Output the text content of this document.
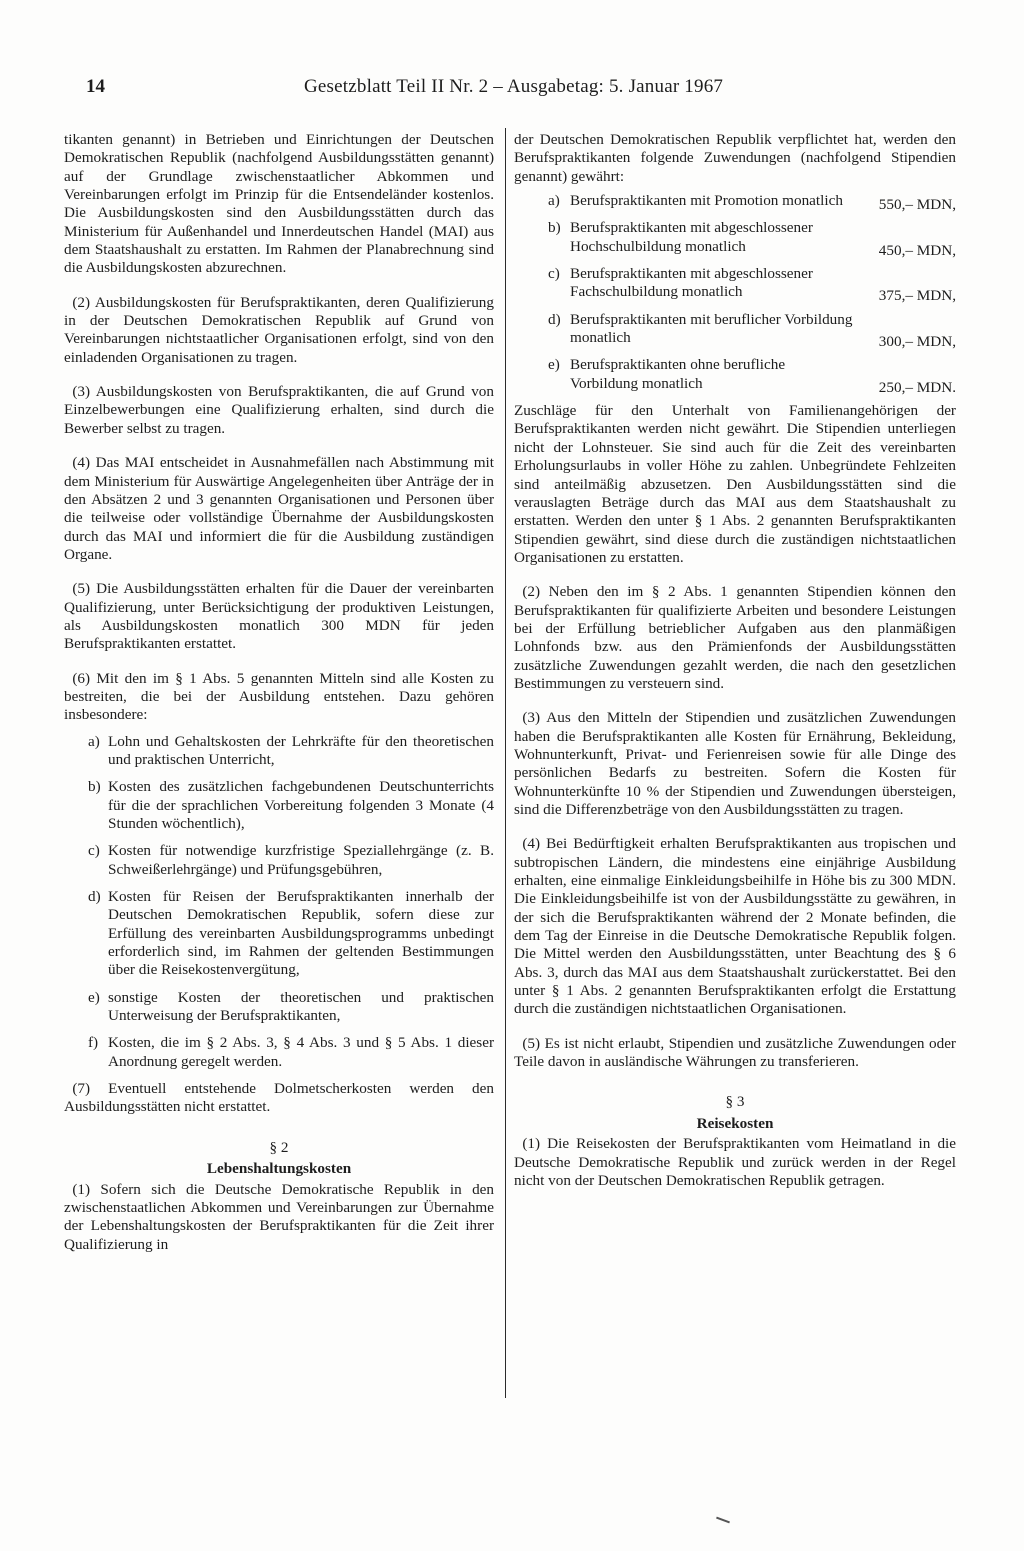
14	Gesetzblatt Teil II Nr. 2 – Ausgabetag: 5. Januar 1967

tikanten genannt) in Betrieben und Einrichtungen der Deutschen Demokratischen Republik (nachfolgend Ausbildungsstätten genannt) auf der Grundlage zwischenstaatlicher Abkommen und Vereinbarungen erfolgt im Prinzip für die Entsendeländer kostenlos. Die Ausbildungskosten sind den Ausbildungsstätten durch das Ministerium für Außenhandel und Innerdeutschen Handel (MAI) aus dem Staatshaushalt zu erstatten. Im Rahmen der Planabrechnung sind die Ausbildungskosten abzurechnen.

(2) Ausbildungskosten für Berufspraktikanten, deren Qualifizierung in der Deutschen Demokratischen Republik auf Grund von Vereinbarungen nichtstaatlicher Organisationen erfolgt, sind von den einladenden Organisationen zu tragen.

(3) Ausbildungskosten von Berufspraktikanten, die auf Grund von Einzelbewerbungen eine Qualifizierung erhalten, sind durch die Bewerber selbst zu tragen.

(4) Das MAI entscheidet in Ausnahmefällen nach Abstimmung mit dem Ministerium für Auswärtige Angelegenheiten über Anträge der in den Absätzen 2 und 3 genannten Organisationen und Personen über die teilweise oder vollständige Übernahme der Ausbildungskosten durch das MAI und informiert die für die Ausbildung zuständigen Organe.

(5) Die Ausbildungsstätten erhalten für die Dauer der vereinbarten Qualifizierung, unter Berücksichtigung der produktiven Leistungen, als Ausbildungskosten monatlich 300 MDN für jeden Berufspraktikanten erstattet.

(6) Mit den im § 1 Abs. 5 genannten Mitteln sind alle Kosten zu bestreiten, die bei der Ausbildung entstehen. Dazu gehören insbesondere:

a) Lohn und Gehaltskosten der Lehrkräfte für den theoretischen und praktischen Unterricht,
b) Kosten des zusätzlichen fachgebundenen Deutschunterrichts für die der sprachlichen Vorbereitung folgenden 3 Monate (4 Stunden wöchentlich),
c) Kosten für notwendige kurzfristige Speziallehrgänge (z. B. Schweißerlehrgänge) und Prüfungsgebühren,
d) Kosten für Reisen der Berufspraktikanten innerhalb der Deutschen Demokratischen Republik, sofern diese zur Erfüllung des vereinbarten Ausbildungsprogramms unbedingt erforderlich sind, im Rahmen der geltenden Bestimmungen über die Reisekostenvergütung,
e) sonstige Kosten der theoretischen und praktischen Unterweisung der Berufspraktikanten,
f) Kosten, die im § 2 Abs. 3, § 4 Abs. 3 und § 5 Abs. 1 dieser Anordnung geregelt werden.

(7) Eventuell entstehende Dolmetscherkosten werden den Ausbildungsstätten nicht erstattet.

§ 2

Lebenshaltungskosten

(1) Sofern sich die Deutsche Demokratische Republik in den zwischenstaatlichen Abkommen und Vereinbarungen zur Übernahme der Lebenshaltungskosten der Berufspraktikanten für die Zeit ihrer Qualifizierung in

der Deutschen Demokratischen Republik verpflichtet hat, werden den Berufspraktikanten folgende Zuwendungen (nachfolgend Stipendien genannt) gewährt:

a) Berufspraktikanten mit Promotion monatlich	550,– MDN,
b) Berufspraktikanten mit abgeschlossener Hochschulbildung monatlich	450,– MDN,
c) Berufspraktikanten mit abgeschlossener Fachschulbildung monatlich	375,– MDN,
d) Berufspraktikanten mit beruflicher Vorbildung monatlich	300,– MDN,
e) Berufspraktikanten ohne berufliche Vorbildung monatlich	250,– MDN.

Zuschläge für den Unterhalt von Familienangehörigen der Berufspraktikanten werden nicht gewährt. Die Stipendien unterliegen nicht der Lohnsteuer. Sie sind auch für die Zeit des vereinbarten Erholungsurlaubs in voller Höhe zu zahlen. Unbegründete Fehlzeiten sind anteilmäßig abzusetzen. Den Ausbildungsstätten sind die verauslagten Beträge durch das MAI aus dem Staatshaushalt zu erstatten. Werden den unter § 1 Abs. 2 genannten Berufspraktikanten Stipendien gewährt, sind diese durch die zuständigen nichtstaatlichen Organisationen zu erstatten.

(2) Neben den im § 2 Abs. 1 genannten Stipendien können den Berufspraktikanten für qualifizierte Arbeiten und besondere Leistungen bei der Erfüllung betrieblicher Aufgaben aus den planmäßigen Lohnfonds bzw. aus den Prämienfonds der Ausbildungsstätten zusätzliche Zuwendungen gezahlt werden, die nach den gesetzlichen Bestimmungen zu versteuern sind.

(3) Aus den Mitteln der Stipendien und zusätzlichen Zuwendungen haben die Berufspraktikanten alle Kosten für Ernährung, Bekleidung, Wohnunterkunft, Privat- und Ferienreisen sowie für alle Dinge des persönlichen Bedarfs zu bestreiten. Sofern die Kosten für Wohnunterkünfte 10 % der Stipendien und Zuwendungen übersteigen, sind die Differenzbeträge von den Ausbildungsstätten zu tragen.

(4) Bei Bedürftigkeit erhalten Berufspraktikanten aus tropischen und subtropischen Ländern, die mindestens eine einjährige Ausbildung erhalten, eine einmalige Einkleidungsbeihilfe in Höhe bis zu 300 MDN. Die Einkleidungsbeihilfe ist von der Ausbildungsstätte zu gewähren, in der sich die Berufspraktikanten während der 2 Monate befinden, die dem Tag der Einreise in die Deutsche Demokratische Republik folgen. Die Mittel werden den Ausbildungsstätten, unter Beachtung des § 6 Abs. 3, durch das MAI aus dem Staatshaushalt zurückerstattet. Bei den unter § 1 Abs. 2 genannten Berufspraktikanten erfolgt die Erstattung durch die zuständigen nichtstaatlichen Organisationen.

(5) Es ist nicht erlaubt, Stipendien und zusätzliche Zuwendungen oder Teile davon in ausländische Währungen zu transferieren.

§ 3

Reisekosten

(1) Die Reisekosten der Berufspraktikanten vom Heimatland in die Deutsche Demokratische Republik und zurück werden in der Regel nicht von der Deutschen Demokratischen Republik getragen.
